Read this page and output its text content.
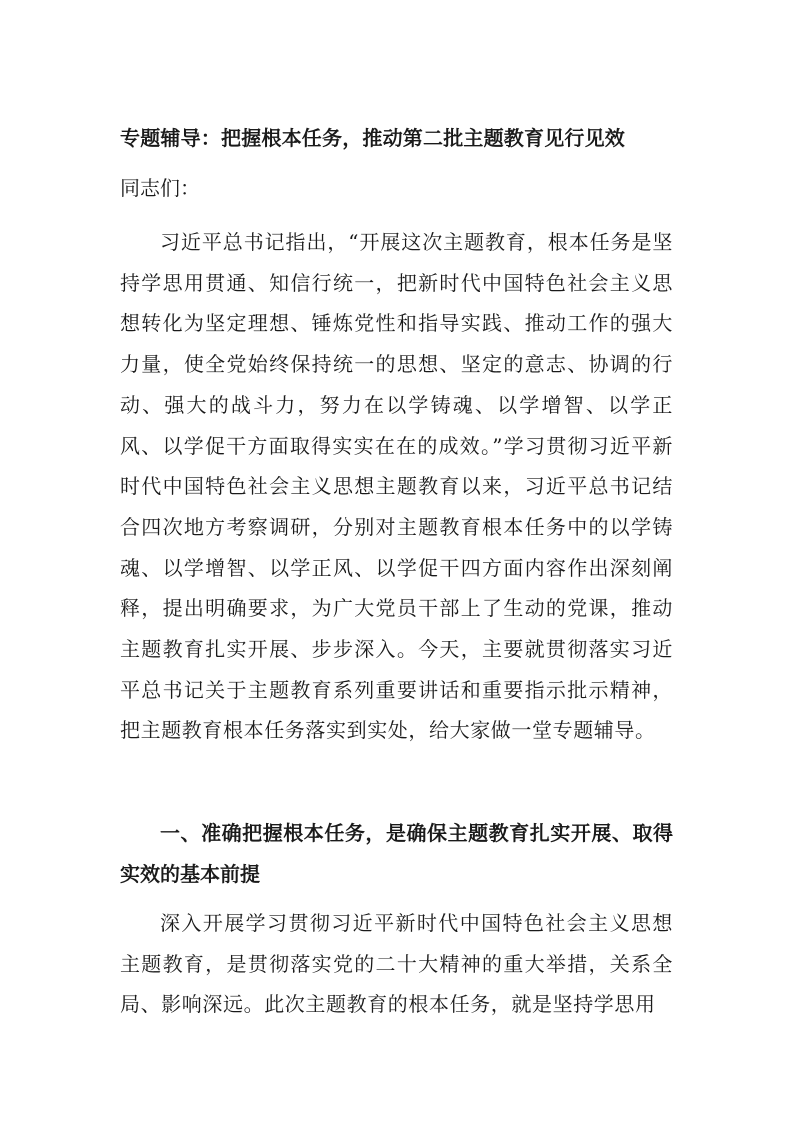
专题辅导：把握根本任务，推动第二批主题教育见行见效
同志们：

习近平总书记指出，“开展这次主题教育，根本任务是坚持学思用贯通、知信行统一，把新时代中国特色社会主义思想转化为坚定理想、锤炼党性和指导实践、推动工作的强大力量，使全党始终保持统一的思想、坚定的意志、协调的行动、强大的战斗力，努力在以学铸魂、以学增智、以学正风、以学促干方面取得实实在在的成效。”学习贯彻习近平新时代中国特色社会主义思想主题教育以来，习近平总书记结合四次地方考察调研，分别对主题教育根本任务中的以学铸魂、以学增智、以学正风、以学促干四方面内容作出深刻阐释，提出明确要求，为广大党员干部上了生动的党课，推动主题教育扎实开展、步步深入。今天，主要就贯彻落实习近平总书记关于主题教育系列重要讲话和重要指示批示精神，把主题教育根本任务落实到实处，给大家做一堂专题辅导。

一、准确把握根本任务，是确保主题教育扎实开展、取得实效的基本前提

深入开展学习贯彻习近平新时代中国特色社会主义思想主题教育，是贯彻落实党的二十大精神的重大举措，关系全局、影响深远。此次主题教育的根本任务，就是坚持学思用
